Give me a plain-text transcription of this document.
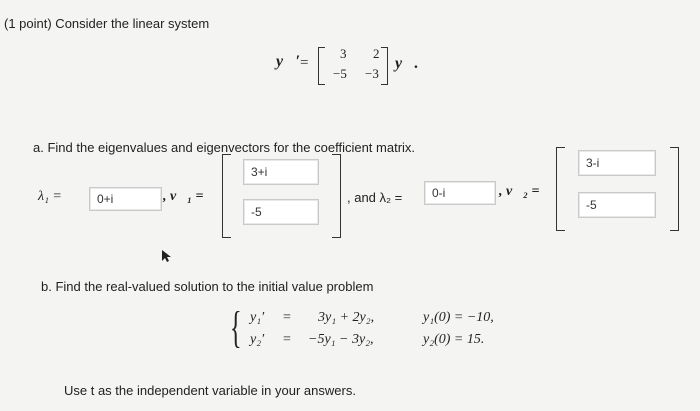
(1 point) Consider the linear system
y⃗′ =
3 2
−5 −3
y⃗.
a. Find the eigenvalues and eigenvectors for the coefficient matrix.
λ₁ =	0+i	, v⃗₁ =
3+i
-5
, and λ₂ =	0-i	, v⃗₂ =
3-i
-5
b. Find the real-valued solution to the initial value problem
{ y₁′ = 3y₁ + 2y₂,	y₁(0) = −10,
y₂′ = −5y₁ − 3y₂,	y₂(0) = 15.
Use t as the independent variable in your answers.
